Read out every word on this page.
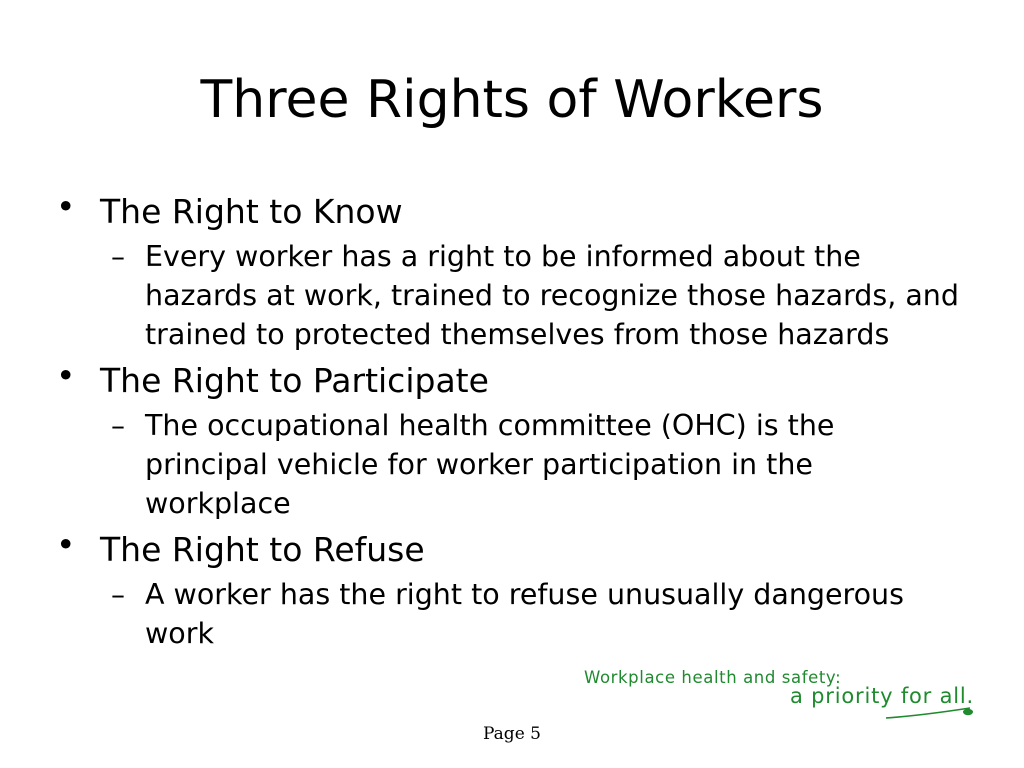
Three Rights of Workers
• The Right to Know
– Every worker has a right to be informed about the hazards at work, trained to recognize those hazards, and trained to protected themselves from those hazards
• The Right to Participate
– The occupational health committee (OHC) is the principal vehicle for worker participation in the workplace
• The Right to Refuse
– A worker has the right to refuse unusually dangerous work
Workplace health and safety:
a priority for all.
Page 5
